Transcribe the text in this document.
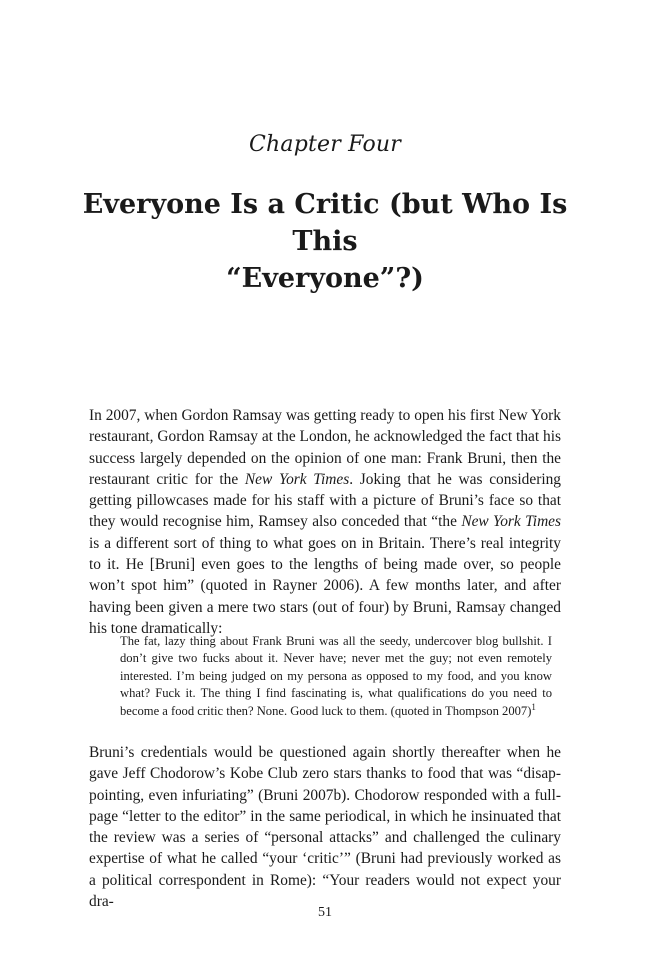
Chapter Four
Everyone Is a Critic (but Who Is This
“Everyone”?)

In 2007, when Gordon Ramsay was getting ready to open his first New York restaurant, Gordon Ramsay at the London, he acknowledged the fact that his success largely depended on the opinion of one man: Frank Bruni, then the restaurant critic for the New York Times. Joking that he was considering getting pillowcases made for his staff with a picture of Bruni’s face so that they would recognise him, Ramsey also conceded that “the New York Times is a different sort of thing to what goes on in Britain. There’s real integrity to it. He [Bruni] even goes to the lengths of being made over, so people won’t spot him” (quoted in Rayner 2006). A few months later, and after having been given a mere two stars (out of four) by Bruni, Ramsay changed his tone dramatically:

The fat, lazy thing about Frank Bruni was all the seedy, undercover blog bullshit. I don’t give two fucks about it. Never have; never met the guy; not even remotely interested. I’m being judged on my persona as opposed to my food, and you know what? Fuck it. The thing I find fascinating is, what qualifications do you need to become a food critic then? None. Good luck to them. (quoted in Thompson 2007)$^1$

Bruni’s credentials would be questioned again shortly thereafter when he gave Jeff Chodorow’s Kobe Club zero stars thanks to food that was “disap-pointing, even infuriating” (Bruni 2007b). Chodorow responded with a full-page “letter to the editor” in the same periodical, in which he insinuated that the review was a series of “personal attacks” and challenged the culinary expertise of what he called “your ‘critic’” (Bruni had previously worked as a political correspondent in Rome): “Your readers would not expect your dra-

51
